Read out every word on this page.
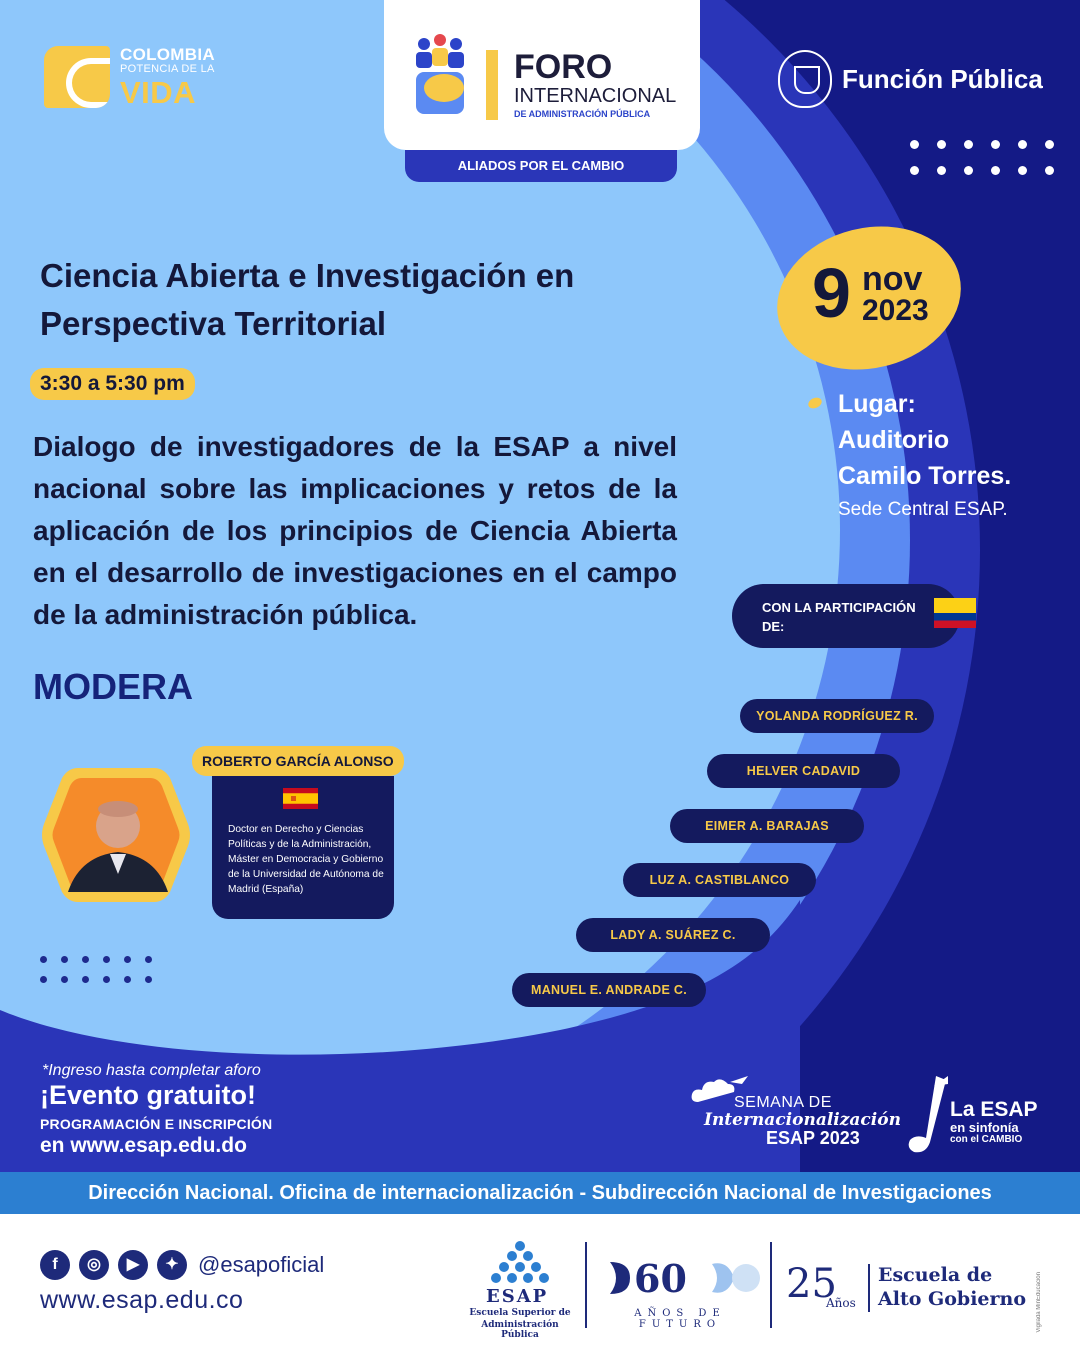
COLOMBIA
POTENCIA DE LA
VIDA
FORO
INTERNACIONAL
DE ADMINISTRACIÓN PÚBLICA
ALIADOS POR EL CAMBIO
Función Pública
Ciencia Abierta e Investigación en Perspectiva Territorial
3:30 a 5:30 pm
Dialogo de investigadores de la ESAP a nivel nacional sobre las implicaciones y retos de la aplicación de los principios de Ciencia Abierta en el desarrollo de investigaciones en el campo de la administración pública.
MODERA
Doctor en Derecho y Ciencias Políticas y de la Administración, Máster en Democracia y Gobierno de la Universidad de Autónoma de Madrid (España)
ROBERTO GARCÍA ALONSO
9 nov
2023
Lugar:
Auditorio
Camilo Torres.
Sede Central ESAP.
CON LA PARTICIPACIÓN DE:
YOLANDA RODRÍGUEZ R.
HELVER CADAVID
EIMER A. BARAJAS
LUZ A. CASTIBLANCO
LADY A. SUÁREZ C.
MANUEL E. ANDRADE C.
*Ingreso hasta completar aforo
¡Evento gratuito!
PROGRAMACIÓN E INSCRIPCIÓN
en www.esap.edu.do
SEMANA DE
Internacionalización
ESAP 2023
La ESAP
en sinfonía
con el CAMBIO
Dirección Nacional. Oficina de internacionalización - Subdirección Nacional de Investigaciones
f	◎	▶	✦ @esapoficial
www.esap.edu.co	ESAP
Escuela Superior de
Administración Pública
60
AÑOS DE FUTURO
25
Años
Escuela de
Alto Gobierno Vigilada MinEducación
